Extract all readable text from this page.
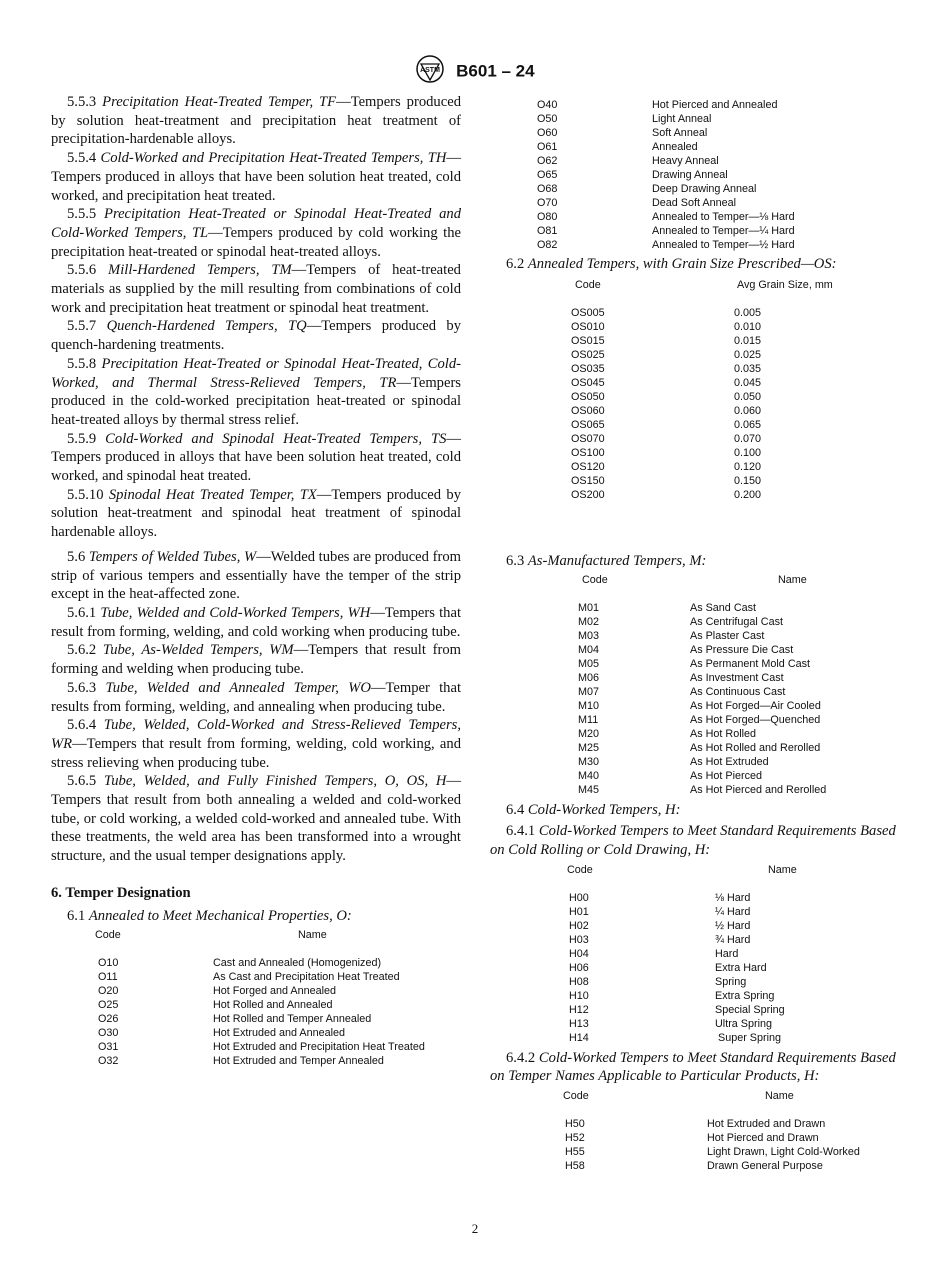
ASTM B601 – 24

5.5.3 Precipitation Heat-Treated Temper, TF—Tempers produced by solution heat-treatment and precipitation heat treatment of precipitation-hardenable alloys.

5.5.4 Cold-Worked and Precipitation Heat-Treated Tempers, TH—Tempers produced in alloys that have been solution heat treated, cold worked, and precipitation heat treated.

5.5.5 Precipitation Heat-Treated or Spinodal Heat-Treated and Cold-Worked Tempers, TL—Tempers produced by cold working the precipitation heat-treated or spinodal heat-treated alloys.

5.5.6 Mill-Hardened Tempers, TM—Tempers of heat-treated materials as supplied by the mill resulting from combinations of cold work and precipitation heat treatment or spinodal heat treatment.

5.5.7 Quench-Hardened Tempers, TQ—Tempers produced by quench-hardening treatments.

5.5.8 Precipitation Heat-Treated or Spinodal Heat-Treated, Cold-Worked, and Thermal Stress-Relieved Tempers, TR—Tempers produced in the cold-worked precipitation heat-treated or spinodal heat-treated alloys by thermal stress relief.

5.5.9 Cold-Worked and Spinodal Heat-Treated Tempers, TS—Tempers produced in alloys that have been solution heat treated, cold worked, and spinodal heat treated.

5.5.10 Spinodal Heat Treated Temper, TX—Tempers produced by solution heat-treatment and spinodal heat treatment of spinodal hardenable alloys.

5.6 Tempers of Welded Tubes, W—Welded tubes are produced from strip of various tempers and essentially have the temper of the strip except in the heat-affected zone.

5.6.1 Tube, Welded and Cold-Worked Tempers, WH—Tempers that result from forming, welding, and cold working when producing tube.

5.6.2 Tube, As-Welded Tempers, WM—Tempers that result from forming and welding when producing tube.

5.6.3 Tube, Welded and Annealed Temper, WO—Temper that results from forming, welding, and annealing when producing tube.

5.6.4 Tube, Welded, Cold-Worked and Stress-Relieved Tempers, WR—Tempers that result from forming, welding, cold working, and stress relieving when producing tube.

5.6.5 Tube, Welded, and Fully Finished Tempers, O, OS, H—Tempers that result from both annealing a welded and cold-worked tube, or cold working, a welded cold-worked and annealed tube. With these treatments, the weld area has been transformed into a wrought structure, and the usual temper designations apply.

6. Temper Designation

6.1 Annealed to Meet Mechanical Properties, O:

Code	Name
O10	Cast and Annealed (Homogenized)
O11	As Cast and Precipitation Heat Treated
O20	Hot Forged and Annealed
O25	Hot Rolled and Annealed
O26	Hot Rolled and Temper Annealed
O30	Hot Extruded and Annealed
O31	Hot Extruded and Precipitation Heat Treated
O32	Hot Extruded and Temper Annealed
O40	Hot Pierced and Annealed
O50	Light Anneal
O60	Soft Anneal
O61	Annealed
O62	Heavy Anneal
O65	Drawing Anneal
O68	Deep Drawing Anneal
O70	Dead Soft Anneal
O80	Annealed to Temper—⅛ Hard
O81	Annealed to Temper—¼ Hard
O82	Annealed to Temper—½ Hard

6.2 Annealed Tempers, with Grain Size Prescribed—OS:

Code	Avg Grain Size, mm
OS005	0.005
OS010	0.010
OS015	0.015
OS025	0.025
OS035	0.035
OS045	0.045
OS050	0.050
OS060	0.060
OS065	0.065
OS070	0.070
OS100	0.100
OS120	0.120
OS150	0.150
OS200	0.200

6.3 As-Manufactured Tempers, M:

Code	Name
M01	As Sand Cast
M02	As Centrifugal Cast
M03	As Plaster Cast
M04	As Pressure Die Cast
M05	As Permanent Mold Cast
M06	As Investment Cast
M07	As Continuous Cast
M10	As Hot Forged—Air Cooled
M11	As Hot Forged—Quenched
M20	As Hot Rolled
M25	As Hot Rolled and Rerolled
M30	As Hot Extruded
M40	As Hot Pierced
M45	As Hot Pierced and Rerolled

6.4 Cold-Worked Tempers, H:

6.4.1 Cold-Worked Tempers to Meet Standard Requirements Based on Cold Rolling or Cold Drawing, H:

Code	Name
H00	⅛ Hard
H01	¼ Hard
H02	½ Hard
H03	¾ Hard
H04	Hard
H06	Extra Hard
H08	Spring
H10	Extra Spring
H12	Special Spring
H13	Ultra Spring
H14	Super Spring

6.4.2 Cold-Worked Tempers to Meet Standard Requirements Based on Temper Names Applicable to Particular Products, H:

Code	Name
H50	Hot Extruded and Drawn
H52	Hot Pierced and Drawn
H55	Light Drawn, Light Cold-Worked
H58	Drawn General Purpose
2
